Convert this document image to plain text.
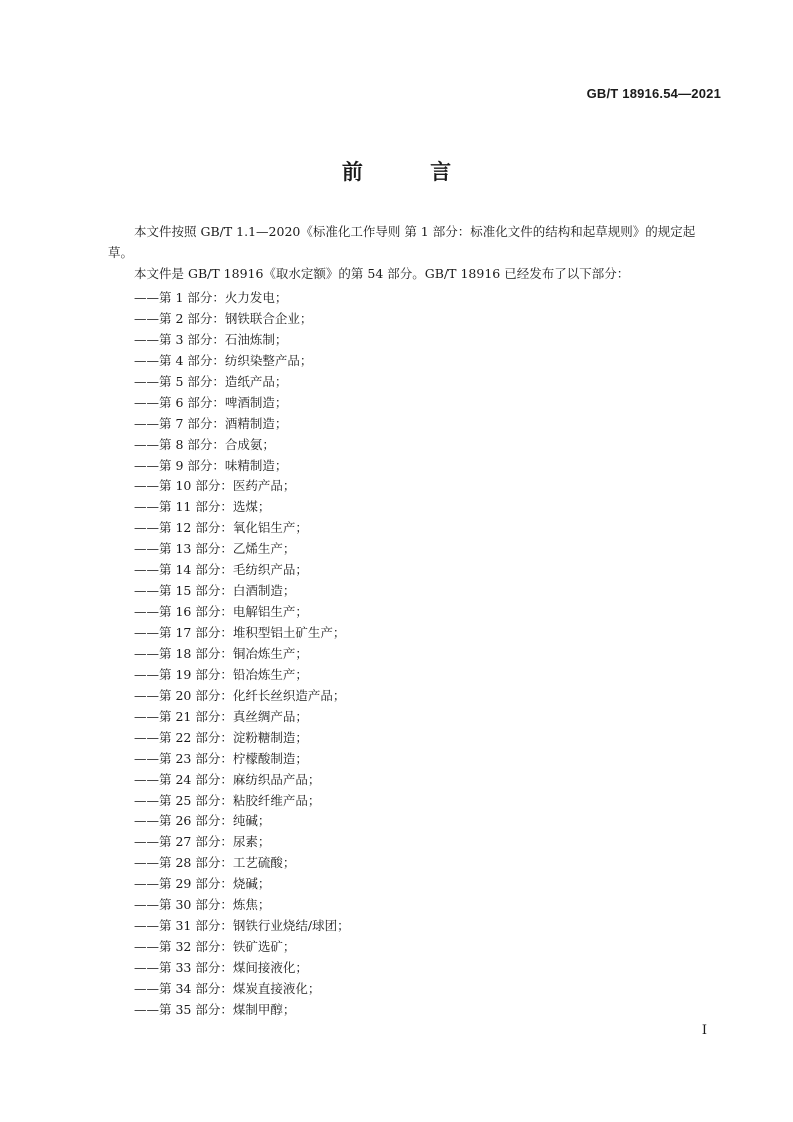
GB/T 18916.54—2021
前 言

本文件按照 GB/T 1.1—2020《标准化工作导则 第 1 部分：标准化文件的结构和起草规则》的规定起草。

本文件是 GB/T 18916《取水定额》的第 54 部分。GB/T 18916 已经发布了以下部分：

——第 1 部分：火力发电；
——第 2 部分：钢铁联合企业；
——第 3 部分：石油炼制；
——第 4 部分：纺织染整产品；
——第 5 部分：造纸产品；
——第 6 部分：啤酒制造；
——第 7 部分：酒精制造；
——第 8 部分：合成氨；
——第 9 部分：味精制造；
——第 10 部分：医药产品；
——第 11 部分：选煤；
——第 12 部分：氧化铝生产；
——第 13 部分：乙烯生产；
——第 14 部分：毛纺织产品；
——第 15 部分：白酒制造；
——第 16 部分：电解铝生产；
——第 17 部分：堆积型铝土矿生产；
——第 18 部分：铜冶炼生产；
——第 19 部分：铅冶炼生产；
——第 20 部分：化纤长丝织造产品；
——第 21 部分：真丝绸产品；
——第 22 部分：淀粉糖制造；
——第 23 部分：柠檬酸制造；
——第 24 部分：麻纺织品产品；
——第 25 部分：粘胶纤维产品；
——第 26 部分：纯碱；
——第 27 部分：尿素；
——第 28 部分：工艺硫酸；
——第 29 部分：烧碱；
——第 30 部分：炼焦；
——第 31 部分：钢铁行业烧结/球团；
——第 32 部分：铁矿选矿；
——第 33 部分：煤间接液化；
——第 34 部分：煤炭直接液化；
——第 35 部分：煤制甲醇；
I
